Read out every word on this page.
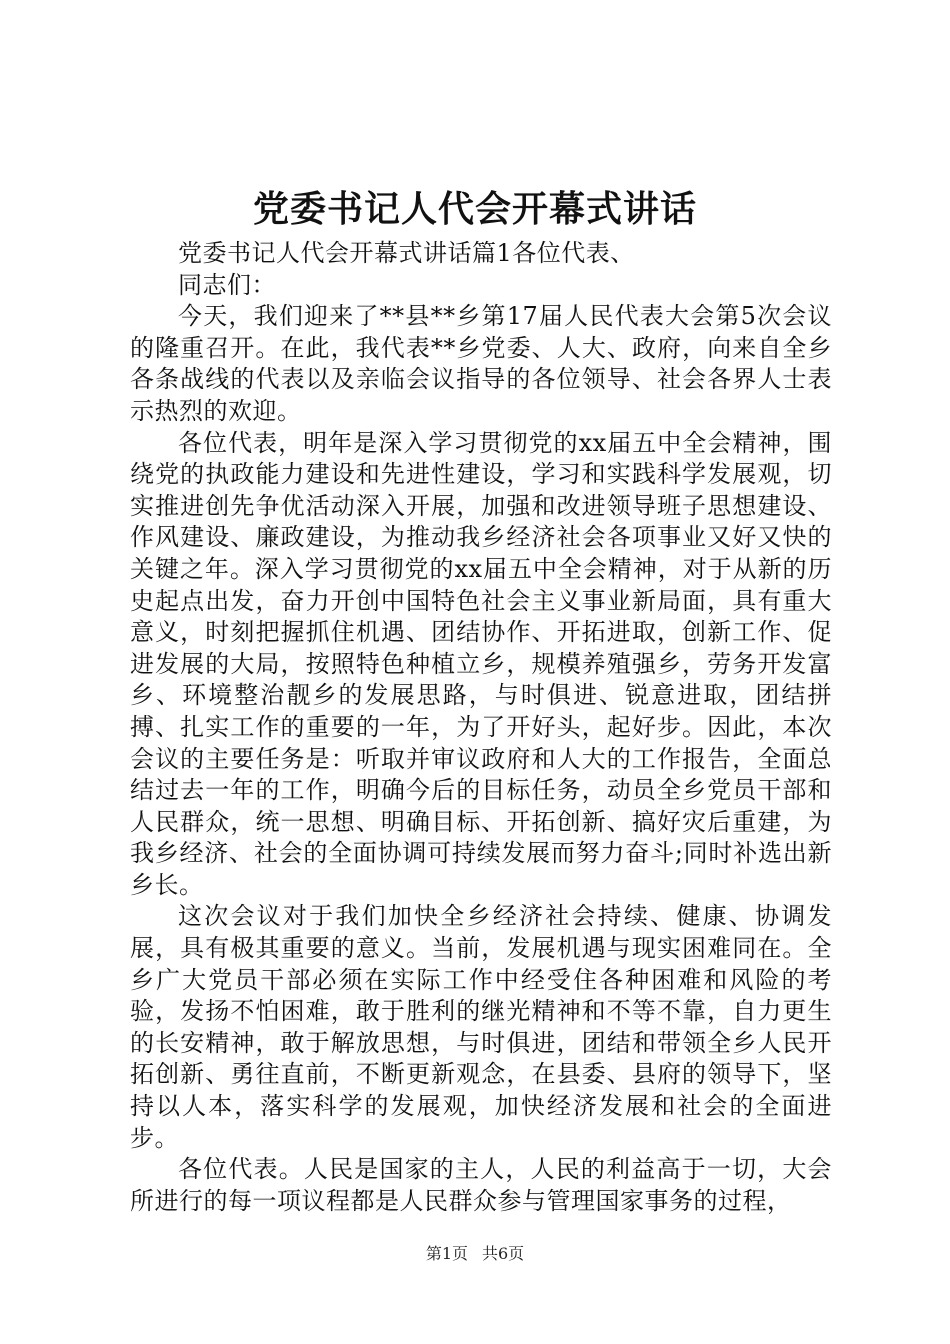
党委书记人代会开幕式讲话

党委书记人代会开幕式讲话篇1各位代表、

同志们：

今天，我们迎来了**县**乡第17届人民代表大会第5次会议的隆重召开。在此，我代表**乡党委、人大、政府，向来自全乡各条战线的代表以及亲临会议指导的各位领导、社会各界人士表示热烈的欢迎。

各位代表，明年是深入学习贯彻党的xx届五中全会精神，围绕党的执政能力建设和先进性建设，学习和实践科学发展观，切实推进创先争优活动深入开展，加强和改进领导班子思想建设、作风建设、廉政建设，为推动我乡经济社会各项事业又好又快的关键之年。深入学习贯彻党的xx届五中全会精神，对于从新的历史起点出发，奋力开创中国特色社会主义事业新局面，具有重大意义，时刻把握抓住机遇、团结协作、开拓进取，创新工作、促进发展的大局，按照特色种植立乡，规模养殖强乡，劳务开发富乡、环境整治靓乡的发展思路，与时俱进、锐意进取，团结拼搏、扎实工作的重要的一年，为了开好头，起好步。因此，本次会议的主要任务是：听取并审议政府和人大的工作报告，全面总结过去一年的工作，明确今后的目标任务，动员全乡党员干部和人民群众，统一思想、明确目标、开拓创新、搞好灾后重建，为我乡经济、社会的全面协调可持续发展而努力奋斗;同时补选出新乡长。

这次会议对于我们加快全乡经济社会持续、健康、协调发展，具有极其重要的意义。当前，发展机遇与现实困难同在。全乡广大党员干部必须在实际工作中经受住各种困难和风险的考验，发扬不怕困难，敢于胜利的继光精神和不等不靠，自力更生的长安精神，敢于解放思想，与时俱进，团结和带领全乡人民开拓创新、勇往直前，不断更新观念，在县委、县府的领导下，坚持以人本，落实科学的发展观，加快经济发展和社会的全面进步。

各位代表。人民是国家的主人，人民的利益高于一切，大会所进行的每一项议程都是人民群众参与管理国家事务的过程，

第1页 共6页
